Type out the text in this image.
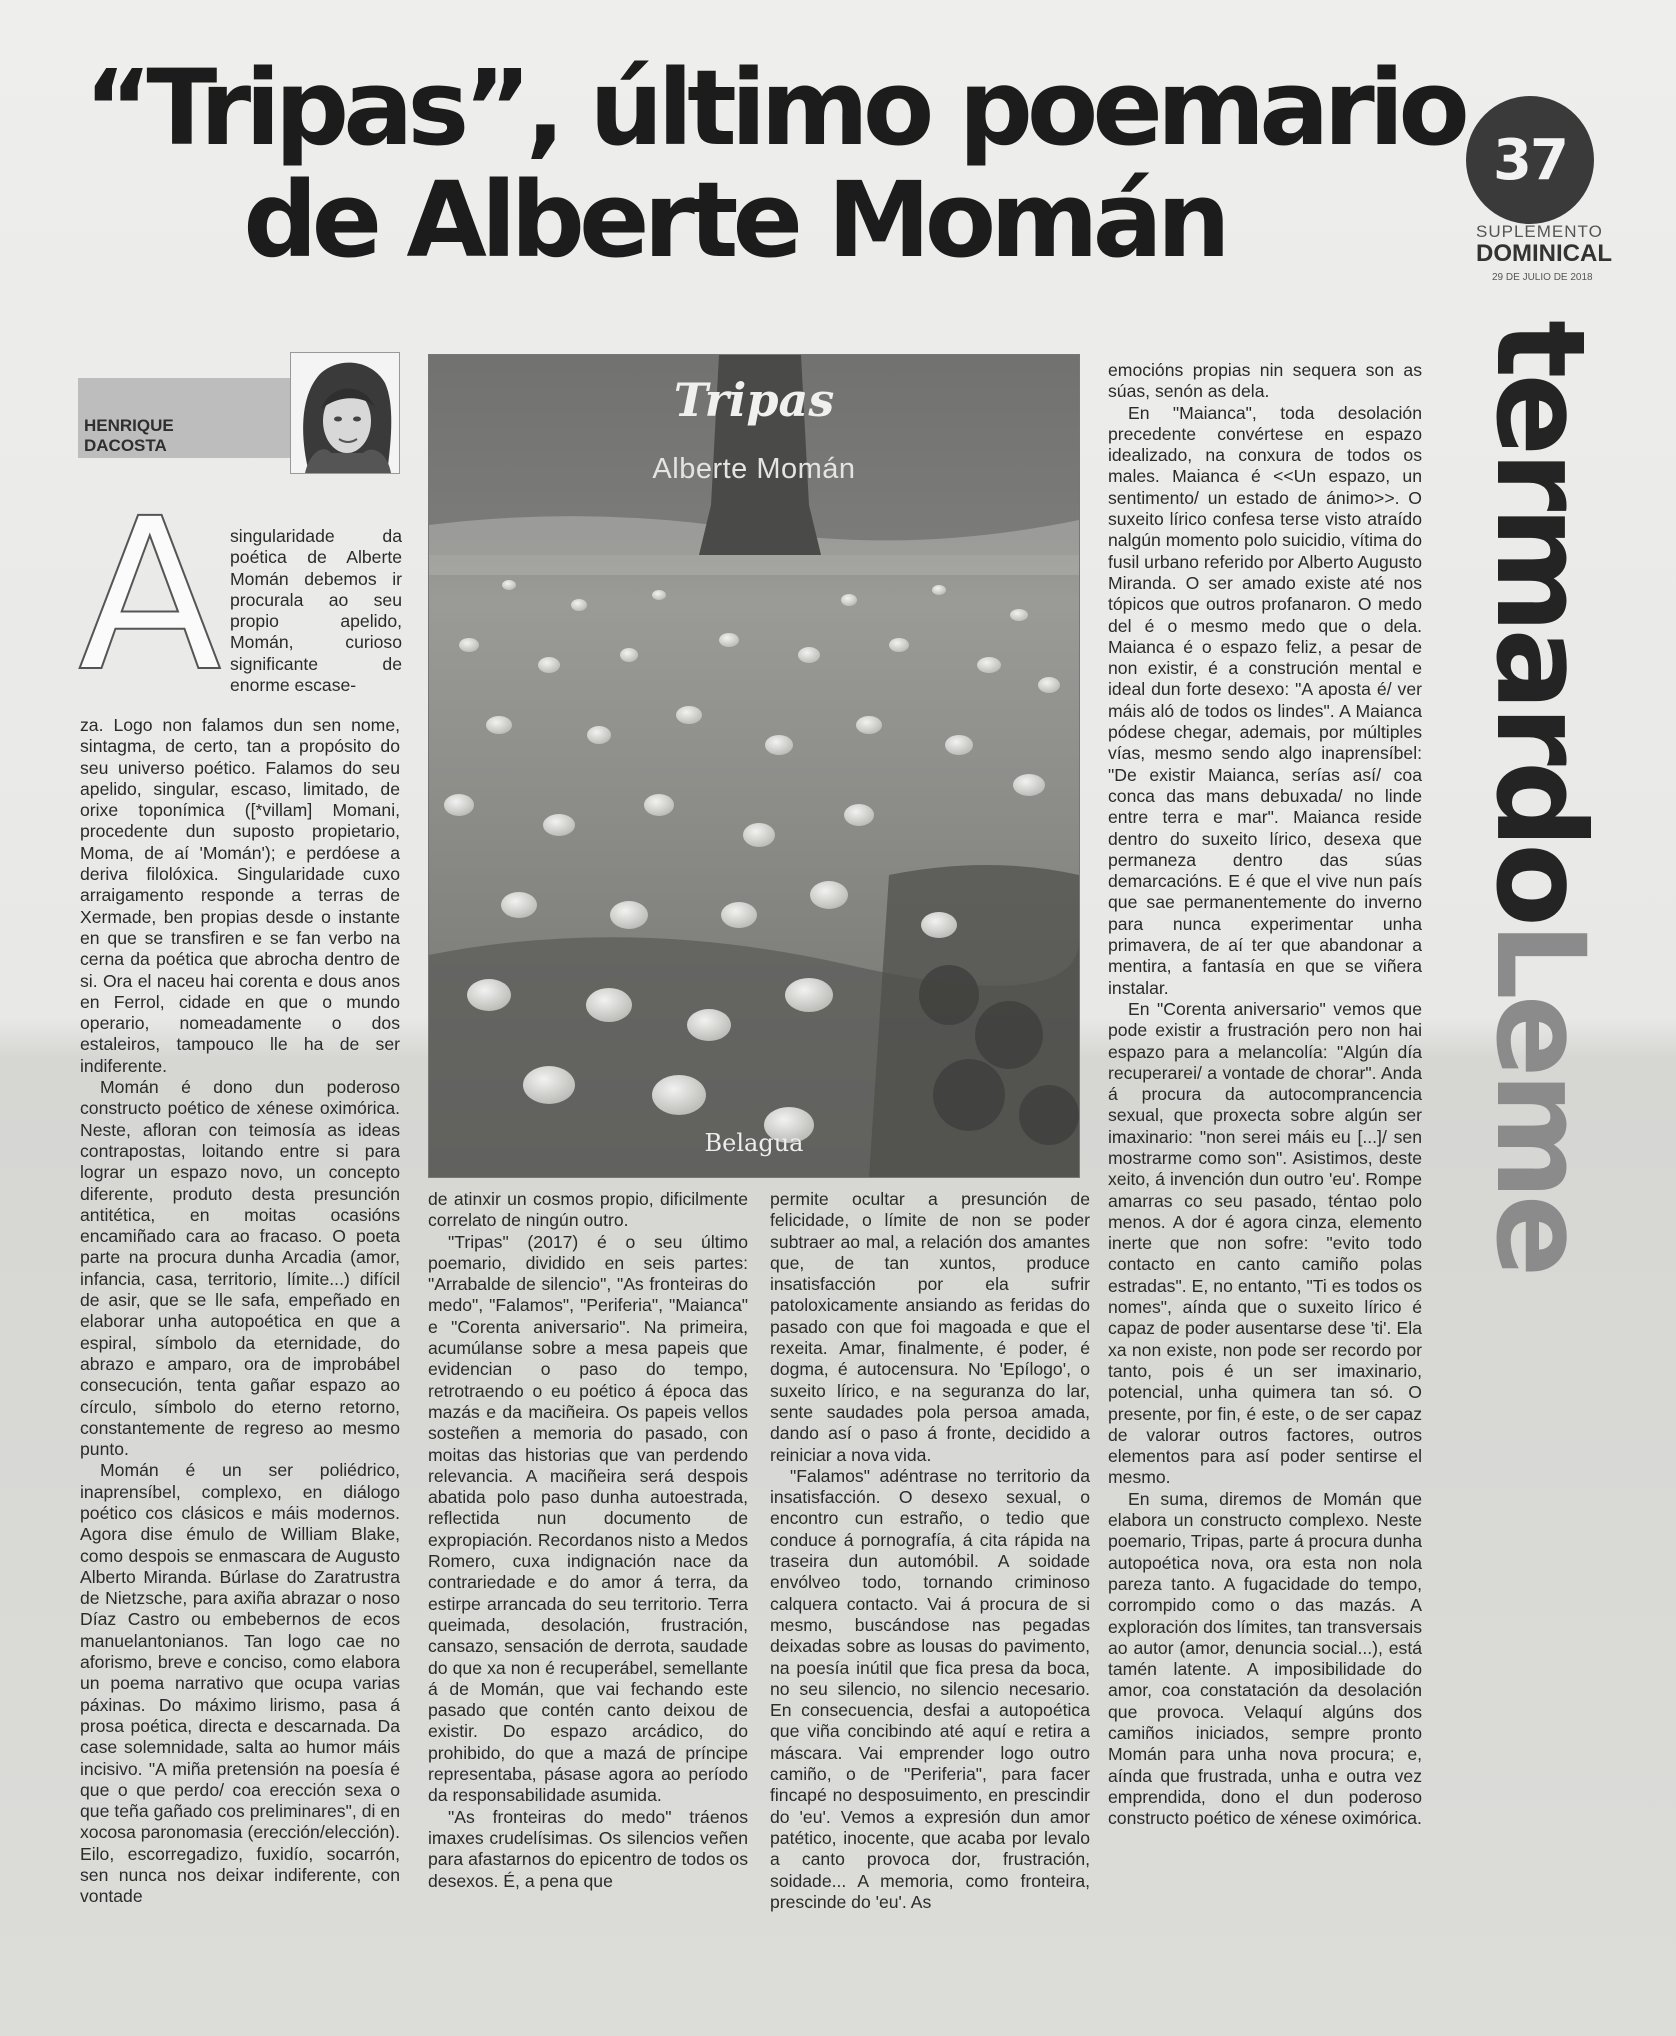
“Tripas”, último poemario
de Alberte Momán	37
SUPLEMENTO
DOMINICAL
29 DE JULIO DE 2018
termardoLeme
HENRIQUE
DACOSTA
A singularidade da poética de Alberte Momán debemos ir procurala ao seu propio apelido, Momán, curioso significante de enorme escase-

za. Logo non falamos dun sen nome, sintagma, de certo, tan a propósito do seu universo poético. Falamos do seu apelido, singular, escaso, limitado, de orixe toponímica ([*villam] Momani, procedente dun suposto propietario, Moma, de aí 'Momán'); e perdóese a deriva filolóxica. Singularidade cuxo arraigamento responde a terras de Xermade, ben propias desde o instante en que se transfiren e se fan verbo na cerna da poética que abrocha dentro de si. Ora el naceu hai corenta e dous anos en Ferrol, cidade en que o mundo operario, nomeadamente o dos estaleiros, tampouco lle ha de ser indiferente.

Momán é dono dun poderoso constructo poético de xénese oximórica. Neste, afloran con teimosía as ideas contrapostas, loitando entre si para lograr un espazo novo, un concepto diferente, produto desta presunción antitética, en moitas ocasións encamiñado cara ao fracaso. O poeta parte na procura dunha Arcadia (amor, infancia, casa, territorio, límite...) difícil de asir, que se lle safa, empeñado en elaborar unha autopoética en que a espiral, símbolo da eternidade, do abrazo e amparo, ora de improbábel consecución, tenta gañar espazo ao círculo, símbolo do eterno retorno, constantemente de regreso ao mesmo punto.

Momán é un ser poliédrico, inaprensíbel, complexo, en diálogo poético cos clásicos e máis modernos. Agora dise émulo de William Blake, como despois se enmascara de Augusto Alberto Miranda. Búrlase do Zaratrustra de Nietzsche, para axiña abrazar o noso Díaz Castro ou embebernos de ecos manuelantonianos. Tan logo cae no aforismo, breve e conciso, como elabora un poema narrativo que ocupa varias páxinas. Do máximo lirismo, pasa á prosa poética, directa e descarnada. Da case solemnidade, salta ao humor máis incisivo. "A miña pretensión na poesía é que o que perdo/ coa erección sexa o que teña gañado cos preliminares", di en xocosa paronomasia (erección/elección). Eilo, escorregadizo, fuxidío, socarrón, sen nunca nos deixar indiferente, con vontade

Tripas
Alberte Momán
Belagua

de atinxir un cosmos propio, dificilmente correlato de ningún outro.

"Tripas" (2017) é o seu último poemario, dividido en seis partes: "Arrabalde de silencio", "As fronteiras do medo", "Falamos", "Periferia", "Maianca" e "Corenta aniversario". Na primeira, acumúlanse sobre a mesa papeis que evidencian o paso do tempo, retrotraendo o eu poético á época das mazás e da maciñeira. Os papeis vellos sosteñen a memoria do pasado, con moitas das historias que van perdendo relevancia. A maciñeira será despois abatida polo paso dunha autoestrada, reflectida nun documento de expropiación. Recordanos nisto a Medos Romero, cuxa indignación nace da contrariedade e do amor á terra, da estirpe arrancada do seu territorio. Terra queimada, desolación, frustración, cansazo, sensación de derrota, saudade do que xa non é recuperábel, semellante á de Momán, que vai fechando este pasado que contén canto deixou de existir. Do espazo arcádico, do prohibido, do que a mazá de príncipe representaba, pásase agora ao período da responsabilidade asumida.

"As fronteiras do medo" tráenos imaxes crudelísimas. Os silencios veñen para afastarnos do epicentro de todos os desexos. É, a pena que

permite ocultar a presunción de felicidade, o límite de non se poder subtraer ao mal, a relación dos amantes que, de tan xuntos, produce insatisfacción por ela sufrir patoloxicamente ansiando as feridas do pasado con que foi magoada e que el rexeita. Amar, finalmente, é poder, é dogma, é autocensura. No 'Epílogo', o suxeito lírico, e na seguranza do lar, sente saudades pola persoa amada, dando así o paso á fronte, decidido a reiniciar a nova vida.

"Falamos" adéntrase no territorio da insatisfacción. O desexo sexual, o encontro cun estraño, o tedio que conduce á pornografía, á cita rápida na traseira dun automóbil. A soidade envólveo todo, tornando criminoso calquera contacto. Vai á procura de si mesmo, buscándose nas pegadas deixadas sobre as lousas do pavimento, na poesía inútil que fica presa da boca, no seu silencio, no silencio necesario. En consecuencia, desfai a autopoética que viña concibindo até aquí e retira a máscara. Vai emprender logo outro camiño, o de "Periferia", para facer fincapé no desposuimento, en prescindir do 'eu'. Vemos a expresión dun amor patético, inocente, que acaba por levalo a canto provoca dor, frustración, soidade... A memoria, como fronteira, prescinde do 'eu'. As

emocións propias nin sequera son as súas, senón as dela.

En "Maianca", toda desolación precedente convértese en espazo idealizado, na conxura de todos os males. Maianca é <<Un espazo, un sentimento/ un estado de ánimo>>. O suxeito lírico confesa terse visto atraído nalgún momento polo suicidio, vítima do fusil urbano referido por Alberto Augusto Miranda. O ser amado existe até nos tópicos que outros profanaron. O medo del é o mesmo medo que o dela. Maianca é o espazo feliz, a pesar de non existir, é a construción mental e ideal dun forte desexo: "A aposta é/ ver máis aló de todos os lindes". A Maianca pódese chegar, ademais, por múltiples vías, mesmo sendo algo inaprensíbel: "De existir Maianca, serías así/ coa conca das mans debuxada/ no linde entre terra e mar". Maianca reside dentro do suxeito lírico, desexa que permaneza dentro das súas demarcacións. E é que el vive nun país que sae permanentemente do inverno para nunca experimentar unha primavera, de aí ter que abandonar a mentira, a fantasía en que se viñera instalar.

En "Corenta aniversario" vemos que pode existir a frustración pero non hai espazo para a melancolía: "Algún día recuperarei/ a vontade de chorar". Anda á procura da autocomprancencia sexual, que proxecta sobre algún ser imaxinario: "non serei máis eu [...]/ sen mostrarme como son". Asistimos, deste xeito, á invención dun outro 'eu'. Rompe amarras co seu pasado, téntao polo menos. A dor é agora cinza, elemento inerte que non sofre: "evito todo contacto en canto camiño polas estradas". E, no entanto, "Ti es todos os nomes", aínda que o suxeito lírico é capaz de poder ausentarse dese 'ti'. Ela xa non existe, non pode ser recordo por tanto, pois é un ser imaxinario, potencial, unha quimera tan só. O presente, por fin, é este, o de ser capaz de valorar outros factores, outros elementos para así poder sentirse el mesmo.

En suma, diremos de Momán que elabora un constructo complexo. Neste poemario, Tripas, parte á procura dunha autopoética nova, ora esta non nola pareza tanto. A fugacidade do tempo, corrompido como o das mazás. A exploración dos límites, tan transversais ao autor (amor, denuncia social...), está tamén latente. A imposibilidade do amor, coa constatación da desolación que provoca. Velaquí algúns dos camiños iniciados, sempre pronto Momán para unha nova procura; e, aínda que frustrada, unha e outra vez emprendida, dono el dun poderoso constructo poético de xénese oximórica.
